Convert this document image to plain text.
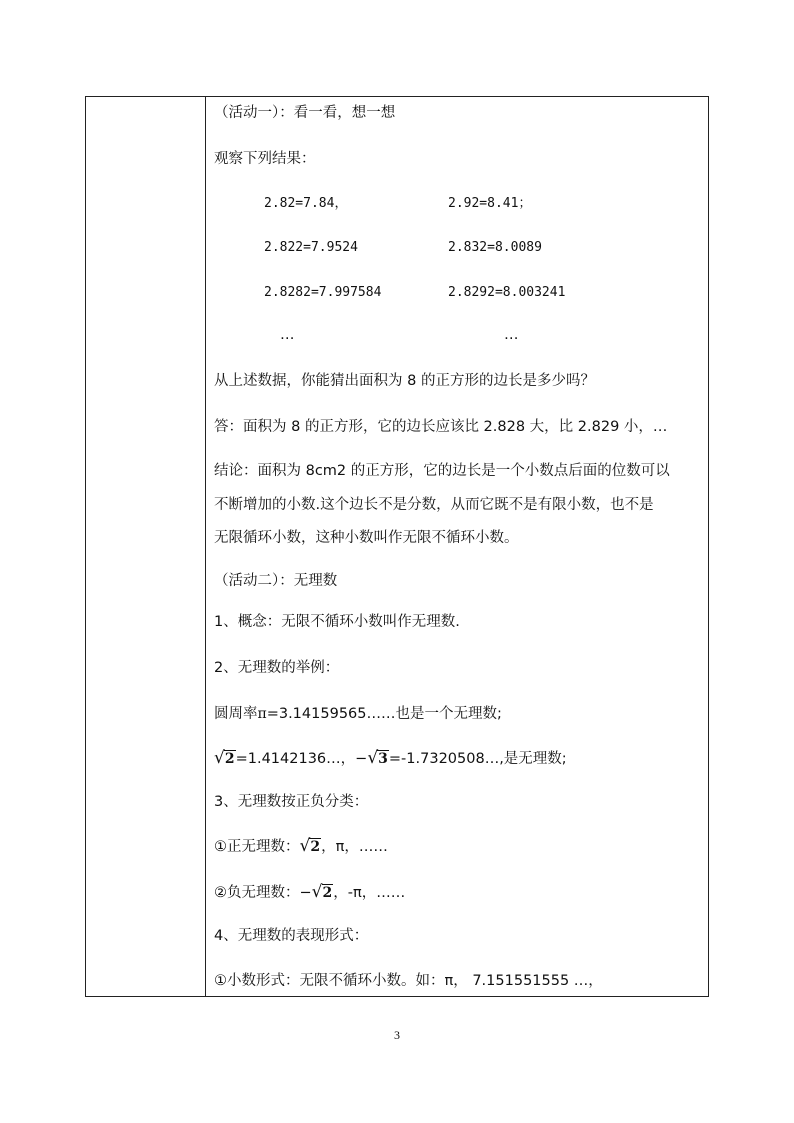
（活动一）：看一看，想一想
观察下列结果：
2.82=7.84，	2.92=8.41；
2.822=7.9524	2.832=8.0089
2.8282=7.997584	2.8292=8.003241
…	…
从上述数据，你能猜出面积为 8 的正方形的边长是多少吗？
答：面积为 8 的正方形，它的边长应该比 2.828 大，比 2.829 小，…
结论：面积为 8cm2 的正方形，它的边长是一个小数点后面的位数可以
不断增加的小数.这个边长不是分数，从而它既不是有限小数，也不是
无限循环小数，这种小数叫作无限不循环小数。
（活动二）：无理数
1、概念：无限不循环小数叫作无理数.
2、无理数的举例：
圆周率π=3.14159565……也是一个无理数;
√2=1.4142136…，−√3=-1.7320508…,是无理数;
3、无理数按正负分类：
①正无理数：√2，π，……
②负无理数：−√2，-π，……
4、无理数的表现形式：
①小数形式：无限不循环小数。如：π， 7.151551555 …，
3
